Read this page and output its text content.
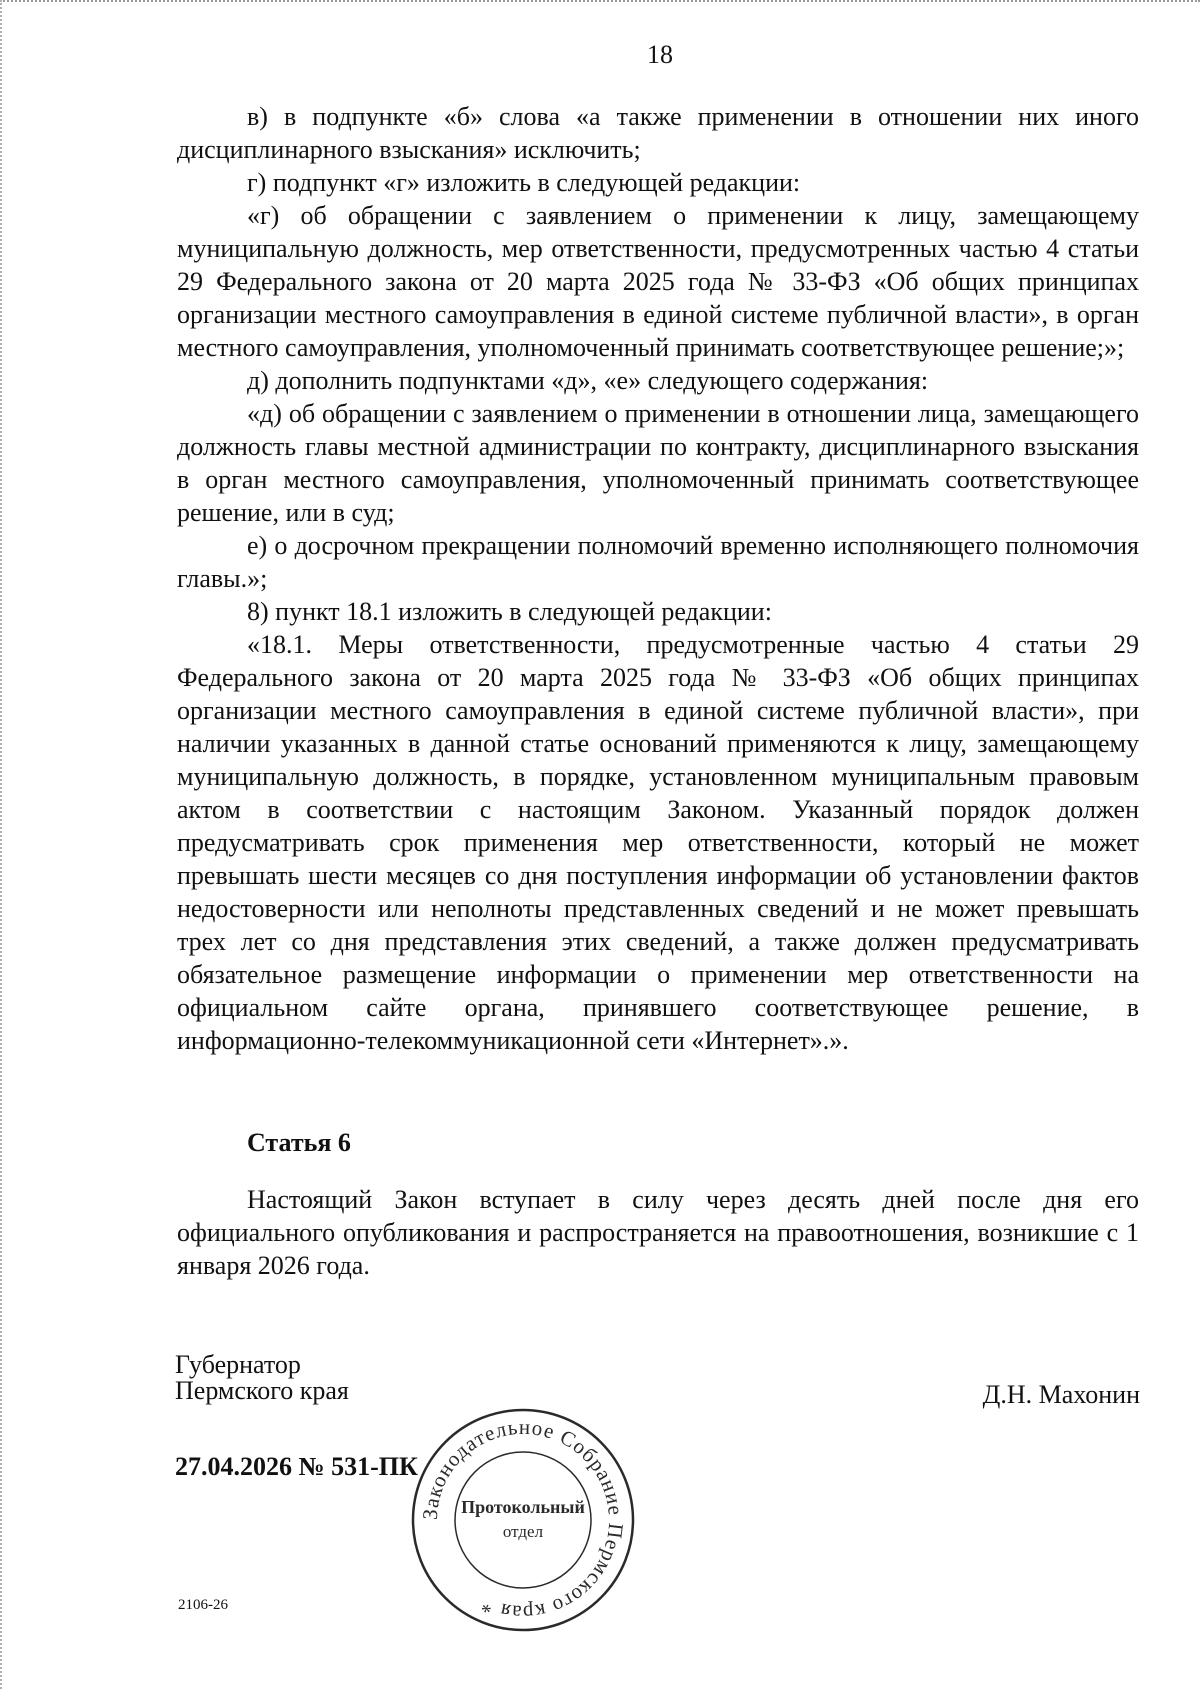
18

в) в подпункте «б» слова «а также применении в отношении них иного дисциплинарного взыскания» исключить;

г) подпункт «г» изложить в следующей редакции:

«г) об обращении с заявлением о применении к лицу, замещающему муниципальную должность, мер ответственности, предусмотренных частью 4 статьи 29 Федерального закона от 20 марта 2025 года № 33-ФЗ «Об общих принципах организации местного самоуправления в единой системе публичной власти», в орган местного самоуправления, уполномоченный принимать соответствующее решение;»;

д) дополнить подпунктами «д», «е» следующего содержания:

«д) об обращении с заявлением о применении в отношении лица, замещающего должность главы местной администрации по контракту, дисциплинарного взыскания в орган местного самоуправления, уполномоченный принимать соответствующее решение, или в суд;

е) о досрочном прекращении полномочий временно исполняющего полномочия главы.»;

8) пункт 18.1 изложить в следующей редакции:

«18.1. Меры ответственности, предусмотренные частью 4 статьи 29 Федерального закона от 20 марта 2025 года № 33-ФЗ «Об общих принципах организации местного самоуправления в единой системе публичной власти», при наличии указанных в данной статье оснований применяются к лицу, замещающему муниципальную должность, в порядке, установленном муниципальным правовым актом в соответствии с настоящим Законом. Указанный порядок должен предусматривать срок применения мер ответственности, который не может превышать шести месяцев со дня поступления информации об установлении фактов недостоверности или неполноты представленных сведений и не может превышать трех лет со дня представления этих сведений, а также должен предусматривать обязательное размещение информации о применении мер ответственности на официальном сайте органа, принявшего соответствующее решение, в информационно-телекоммуникационной сети «Интернет».».

Статья 6

Настоящий Закон вступает в силу через десять дней после дня его официального опубликования и распространяется на правоотношения, возникшие с 1 января 2026 года.

Губернатор
Пермского края	Д.Н. Махонин
27.04.2026 № 531-ПК
2106-26
Законодательное Собрание Пермского края *
Протокольный
отдел
